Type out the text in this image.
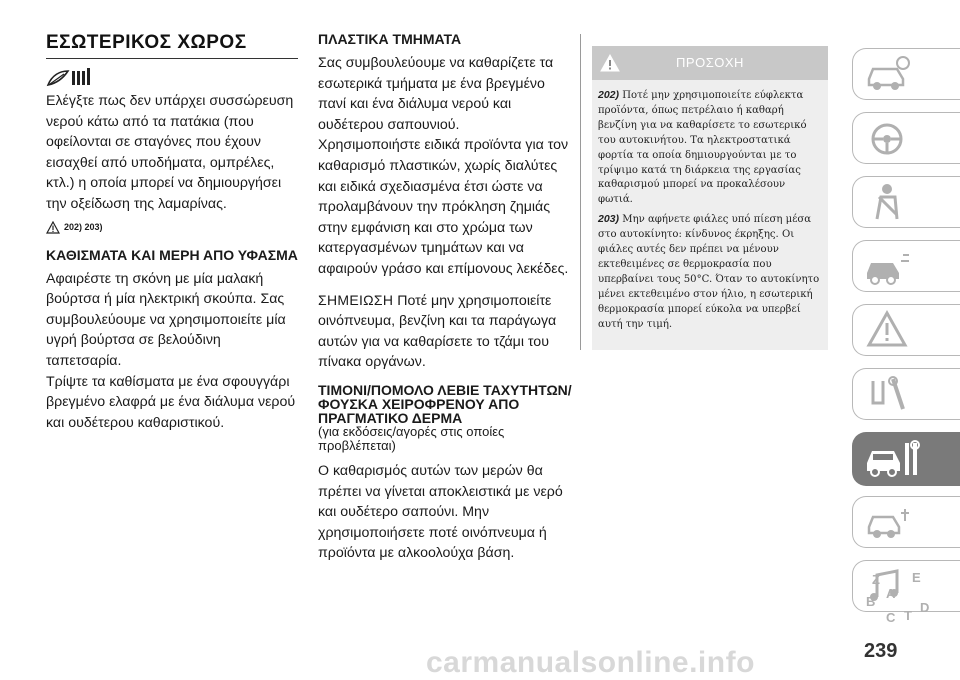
ΕΣΩΤΕΡΙΚΟΣ ΧΩΡΟΣ

Ελέγξτε πως δεν υπάρχει συσσώρευση νερού κάτω από τα πατάκια (που οφείλονται σε σταγόνες που έχουν εισαχθεί από υποδήματα, ομπρέλες, κτλ.) η οποία μπορεί να δημιουργήσει την οξείδωση της λαμαρίνας.

202) 203)
ΚΑΘΙΣΜΑΤΑ ΚΑΙ ΜΕΡΗ ΑΠΟ ΥΦΑΣΜΑ

Αφαιρέστε τη σκόνη με μία μαλακή βούρτσα ή μία ηλεκτρική σκούπα. Σας συμβουλεύουμε να χρησιμοποιείτε μία υγρή βούρτσα σε βελούδινη ταπετσαρία.

Τρίψτε τα καθίσματα με ένα σφουγγάρι βρεγμένο ελαφρά με ένα διάλυμα νερού και ουδέτερου καθαριστικού.

ΠΛΑΣΤΙΚΑ ΤΜΗΜΑΤΑ

Σας συμβουλεύουμε να καθαρίζετε τα εσωτερικά τμήματα με ένα βρεγμένο πανί και ένα διάλυμα νερού και ουδέτερου σαπουνιού.

Χρησιμοποιήστε ειδικά προϊόντα για τον καθαρισμό πλαστικών, χωρίς διαλύτες και ειδικά σχεδιασμένα έτσι ώστε να προλαμβάνουν την πρόκληση ζημιάς στην εμφάνιση και στο χρώμα των κατεργασμένων τμημάτων και να αφαιρούν γράσο και επίμονους λεκέδες.

ΣΗΜΕΙΩΣΗ Ποτέ μην χρησιμοποιείτε οινόπνευμα, βενζίνη και τα παράγωγα αυτών για να καθαρίσετε το τζάμι του πίνακα οργάνων.

ΤΙΜΟΝΙ/ΠΟΜΟΛΟ ΛΕΒΙΕ ΤΑΧΥΤΗΤΩΝ/ΦΟΥΣΚΑ ΧΕΙΡΟΦΡΕΝΟΥ ΑΠΟ ΠΡΑΓΜΑΤΙΚΟ ΔΕΡΜΑ

(για εκδόσεις/αγορές στις οποίες προβλέπεται)

Ο καθαρισμός αυτών των μερών θα πρέπει να γίνεται αποκλειστικά με νερό και ουδέτερο σαπούνι. Μην χρησιμοποιήσετε ποτέ οινόπνευμα ή προϊόντα με αλκοολούχα βάση.

ΠΡΟΣΟΧΗ

202) Ποτέ μην χρησιμοποιείτε εύφλεκτα προϊόντα, όπως πετρέλαιο ή καθαρή βενζίνη για να καθαρίσετε το εσωτερικό του αυτοκινήτου. Τα ηλεκτροστατικά φορτία τα οποία δημιουργούνται με το τρίψιμο κατά τη διάρκεια της εργασίας καθαρισμού μπορεί να προκαλέσουν φωτιά.

203) Μην αφήνετε φιάλες υπό πίεση μέσα στο αυτοκίνητο: κίνδυνος έκρηξης. Οι φιάλες αυτές δεν πρέπει να μένουν εκτεθειμένες σε θερμοκρασία που υπερβαίνει τους 50°C. Όταν το αυτοκίνητο μένει εκτεθειμένο στον ήλιο, η εσωτερική θερμοκρασία μπορεί εύκολα να υπερβεί αυτή την τιμή.

Z E
B
A
C T
D
239
carmanualsonline.info
